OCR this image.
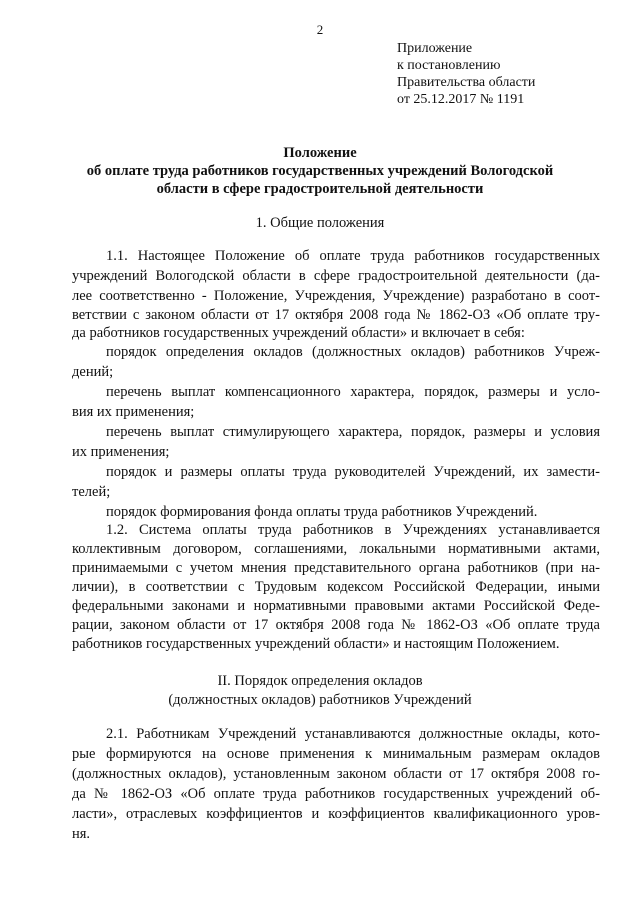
2
Приложение
к постановлению
Правительства области
от 25.12.2017 № 1191
Положение
об оплате труда работников государственных учреждений Вологодской
области в сфере градостроительной деятельности
1. Общие положения
1.1. Настоящее Положение об оплате труда работников государственных
учреждений Вологодской области в сфере градостроительной деятельности (да-
лее соответственно - Положение, Учреждения, Учреждение) разработано в соот-
ветствии с законом области от 17 октября 2008 года № 1862-ОЗ «Об оплате тру-
да работников государственных учреждений области» и включает в себя:
порядок определения окладов (должностных окладов) работников Учреж-
дений;
перечень выплат компенсационного характера, порядок, размеры и усло-
вия их применения;
перечень выплат стимулирующего характера, порядок, размеры и условия
их применения;
порядок и размеры оплаты труда руководителей Учреждений, их замести-
телей;
порядок формирования фонда оплаты труда работников Учреждений.
1.2. Система оплаты труда работников в Учреждениях устанавливается
коллективным договором, соглашениями, локальными нормативными актами,
принимаемыми с учетом мнения представительного органа работников (при на-
личии), в соответствии с Трудовым кодексом Российской Федерации, иными
федеральными законами и нормативными правовыми актами Российской Феде-
рации, законом области от 17 октября 2008 года № 1862-ОЗ «Об оплате труда
работников государственных учреждений области» и настоящим Положением.
II. Порядок определения окладов
(должностных окладов) работников Учреждений
2.1. Работникам Учреждений устанавливаются должностные оклады, кото-
рые формируются на основе применения к минимальным размерам окладов
(должностных окладов), установленным законом области от 17 октября 2008 го-
да № 1862-ОЗ «Об оплате труда работников государственных учреждений об-
ласти», отраслевых коэффициентов и коэффициентов квалификационного уров-
ня.
